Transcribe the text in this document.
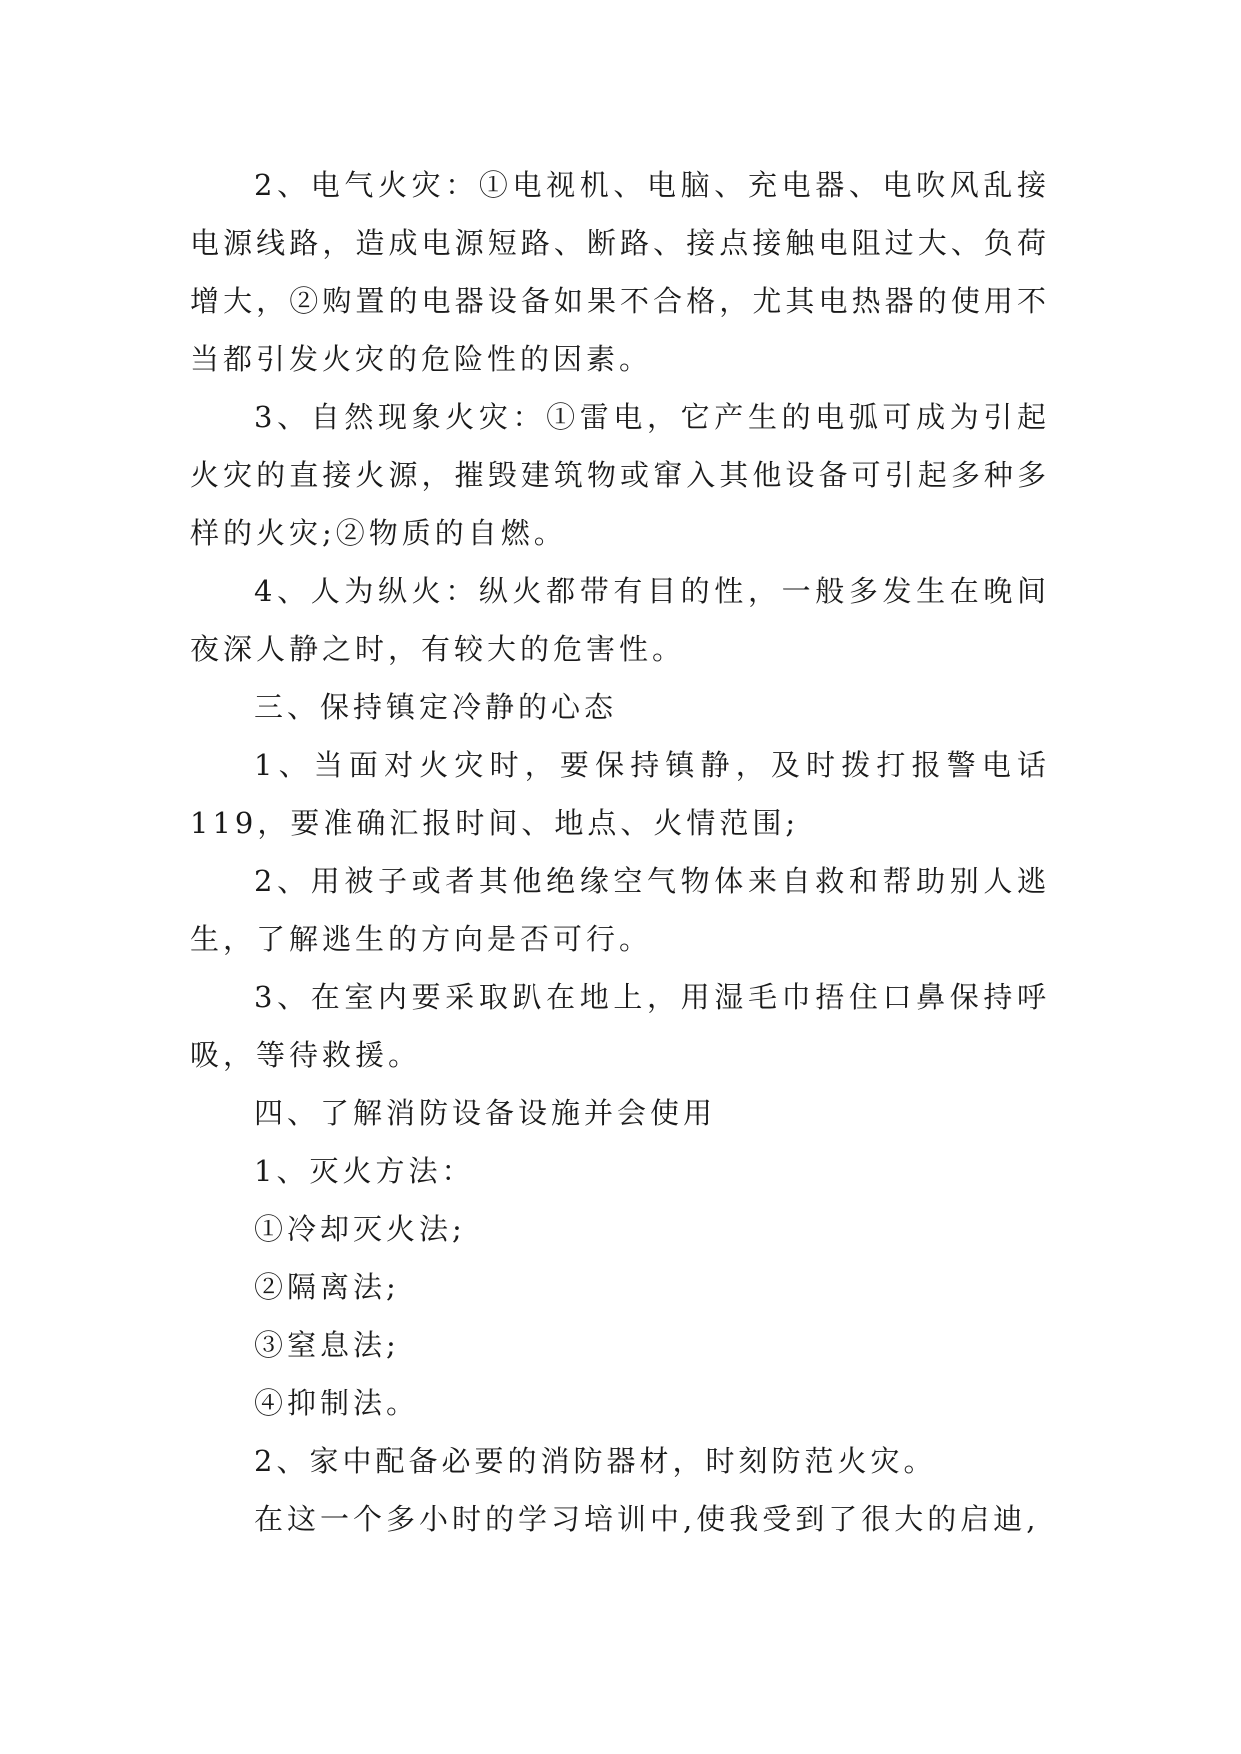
2、电气火灾：①电视机、电脑、充电器、电吹风乱接电源线路，造成电源短路、断路、接点接触电阻过大、负荷增大，②购置的电器设备如果不合格，尤其电热器的使用不当都引发火灾的危险性的因素。

3、自然现象火灾：①雷电，它产生的电弧可成为引起火灾的直接火源，摧毁建筑物或窜入其他设备可引起多种多样的火灾;②物质的自燃。

4、人为纵火：纵火都带有目的性，一般多发生在晚间夜深人静之时，有较大的危害性。

三、保持镇定冷静的心态

1、当面对火灾时，要保持镇静，及时拨打报警电话119，要准确汇报时间、地点、火情范围;

2、用被子或者其他绝缘空气物体来自救和帮助别人逃生，了解逃生的方向是否可行。

3、在室内要采取趴在地上，用湿毛巾捂住口鼻保持呼吸，等待救援。

四、了解消防设备设施并会使用

1、灭火方法：

①冷却灭火法;

②隔离法;

③窒息法;

④抑制法。

2、家中配备必要的消防器材，时刻防范火灾。

在这一个多小时的学习培训中,使我受到了很大的启迪,
